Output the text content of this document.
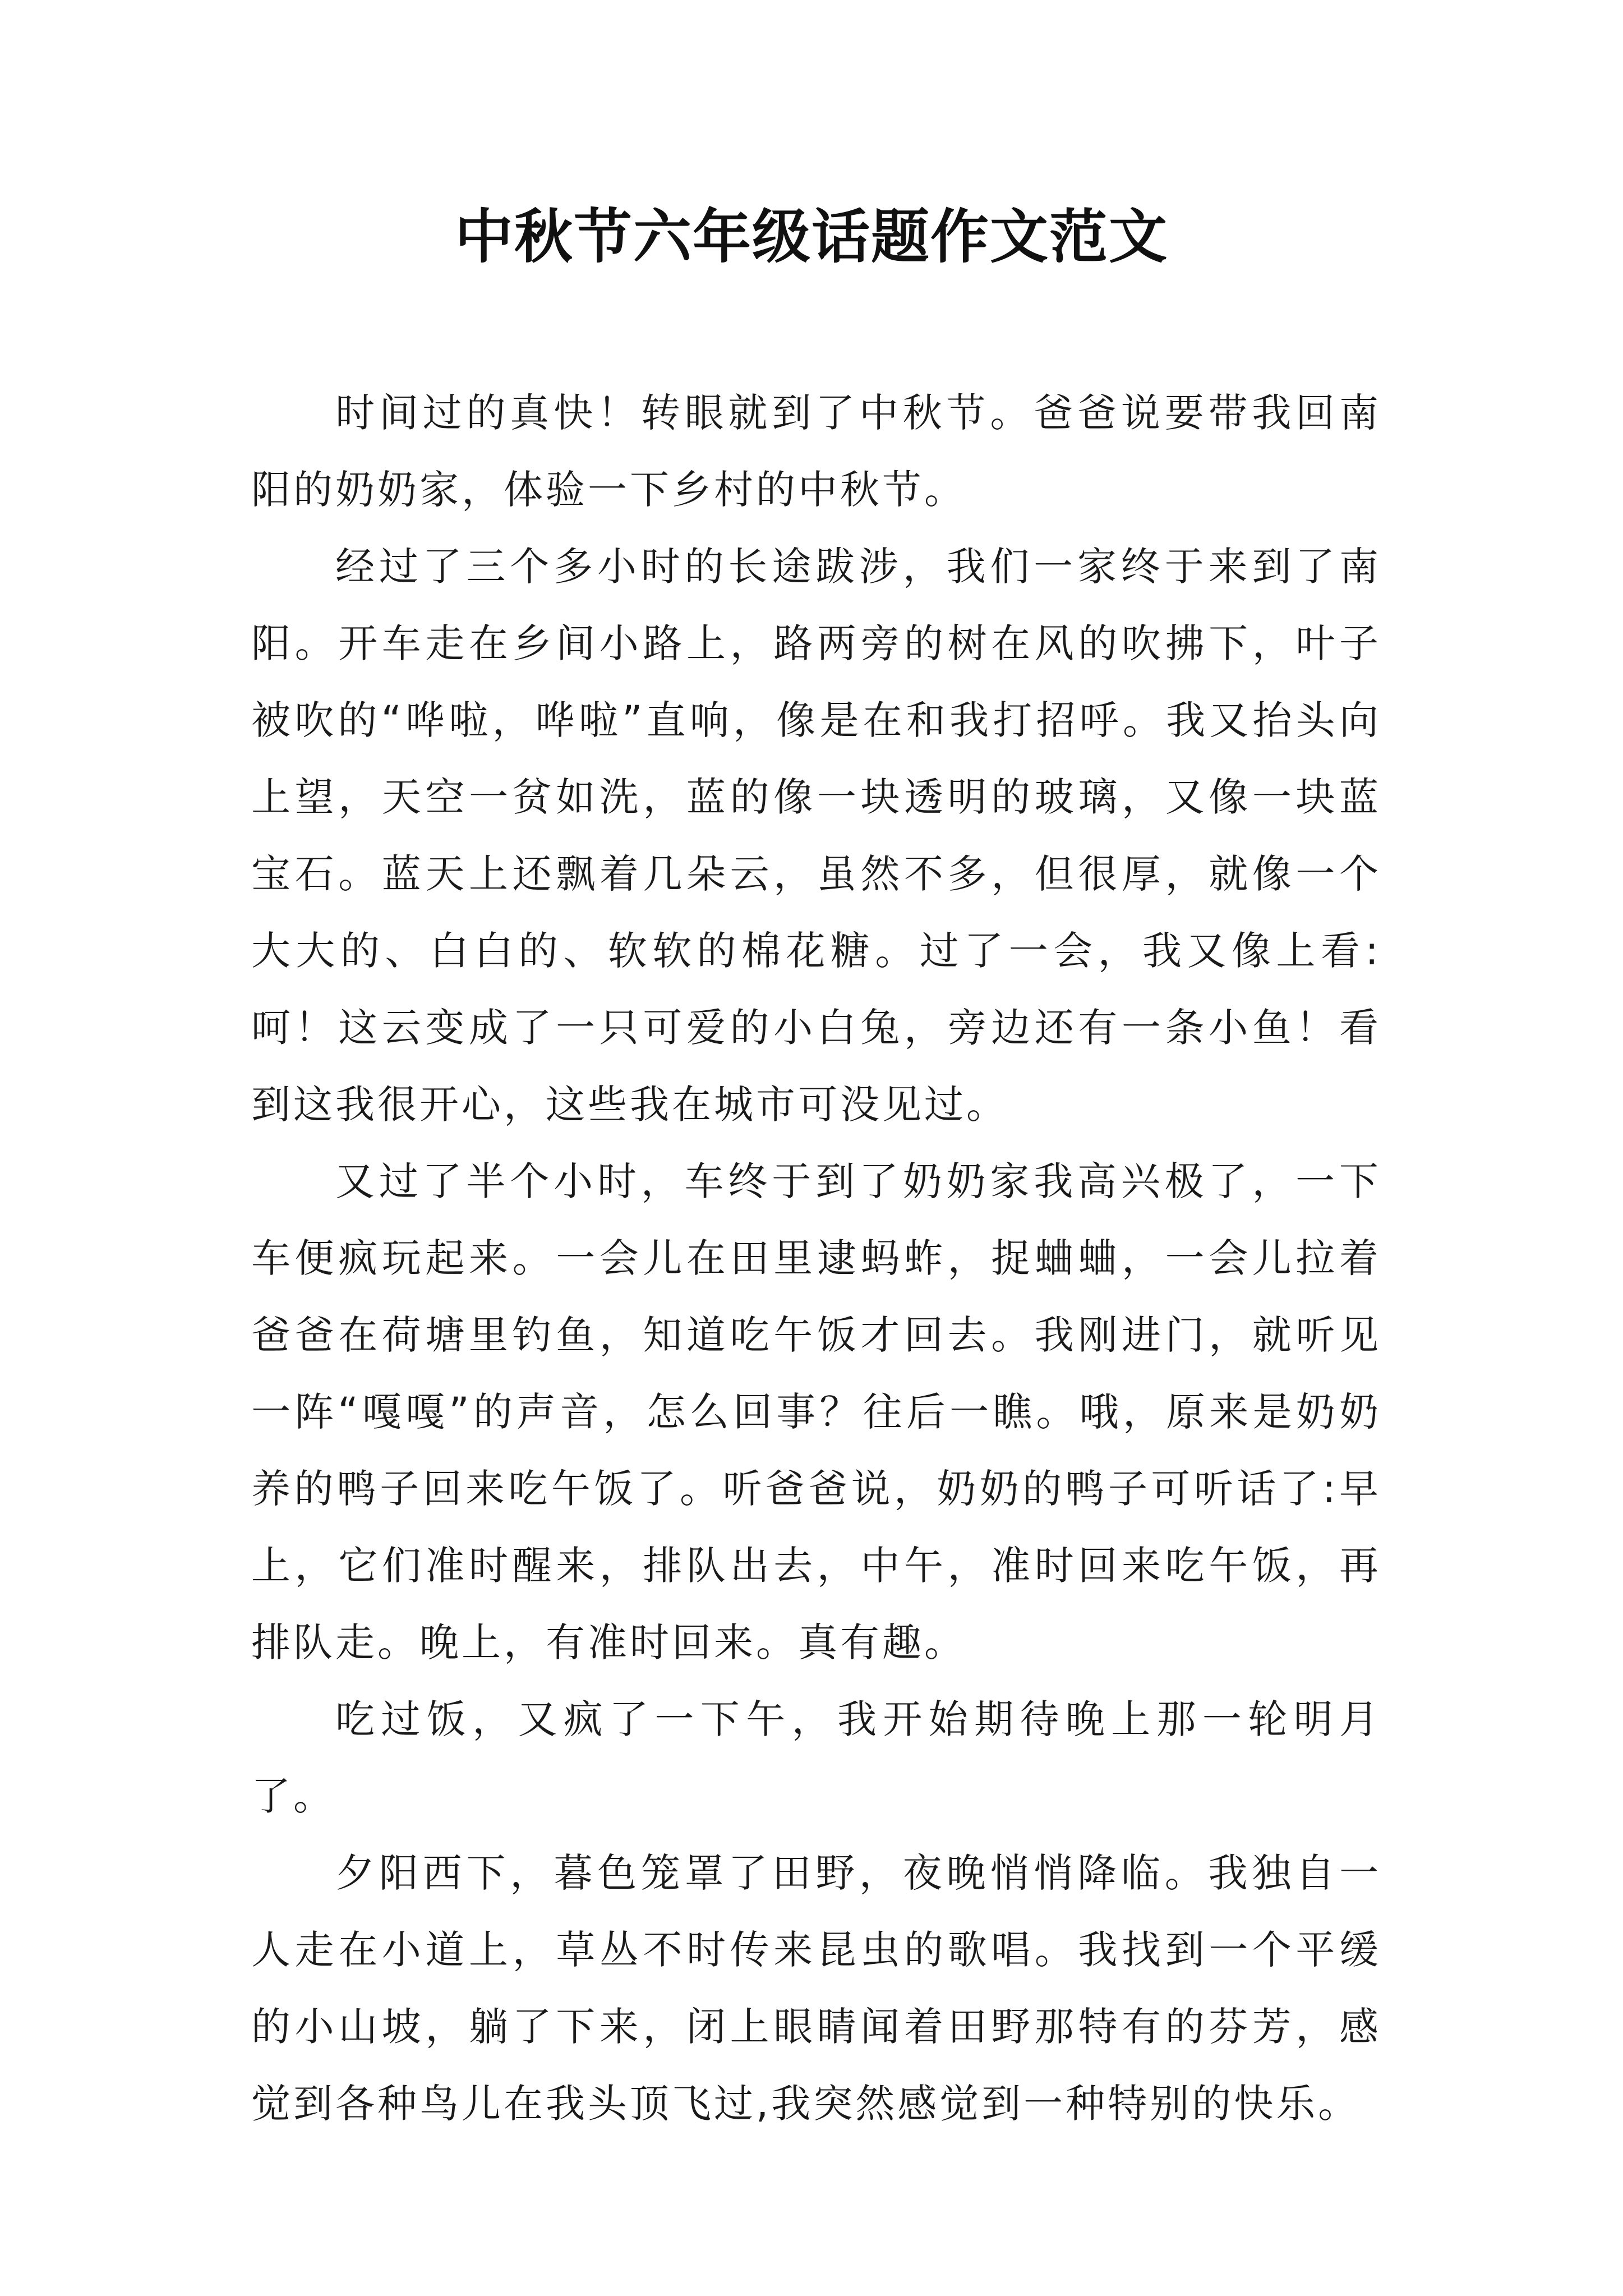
中秋节六年级话题作文范文

时间过的真快！转眼就到了中秋节。爸爸说要带我回南阳的奶奶家，体验一下乡村的中秋节。

经过了三个多小时的长途跋涉，我们一家终于来到了南阳。开车走在乡间小路上，路两旁的树在风的吹拂下，叶子被吹的“哗啦，哗啦”直响，像是在和我打招呼。我又抬头向上望，天空一贫如洗，蓝的像一块透明的玻璃，又像一块蓝宝石。蓝天上还飘着几朵云，虽然不多，但很厚，就像一个大大的、白白的、软软的棉花糖。过了一会，我又像上看:呵！这云变成了一只可爱的小白兔，旁边还有一条小鱼！看到这我很开心，这些我在城市可没见过。

又过了半个小时，车终于到了奶奶家我高兴极了，一下车便疯玩起来。一会儿在田里逮蚂蚱，捉蛐蛐，一会儿拉着爸爸在荷塘里钓鱼，知道吃午饭才回去。我刚进门，就听见一阵“嘎嘎”的声音，怎么回事？往后一瞧。哦，原来是奶奶养的鸭子回来吃午饭了。听爸爸说，奶奶的鸭子可听话了:早上，它们准时醒来，排队出去，中午，准时回来吃午饭，再排队走。晚上，有准时回来。真有趣。

吃过饭，又疯了一下午，我开始期待晚上那一轮明月了。

夕阳西下，暮色笼罩了田野，夜晚悄悄降临。我独自一人走在小道上，草丛不时传来昆虫的歌唱。我找到一个平缓的小山坡，躺了下来，闭上眼睛闻着田野那特有的芬芳，感觉到各种鸟儿在我头顶飞过,我突然感觉到一种特别的快乐。
